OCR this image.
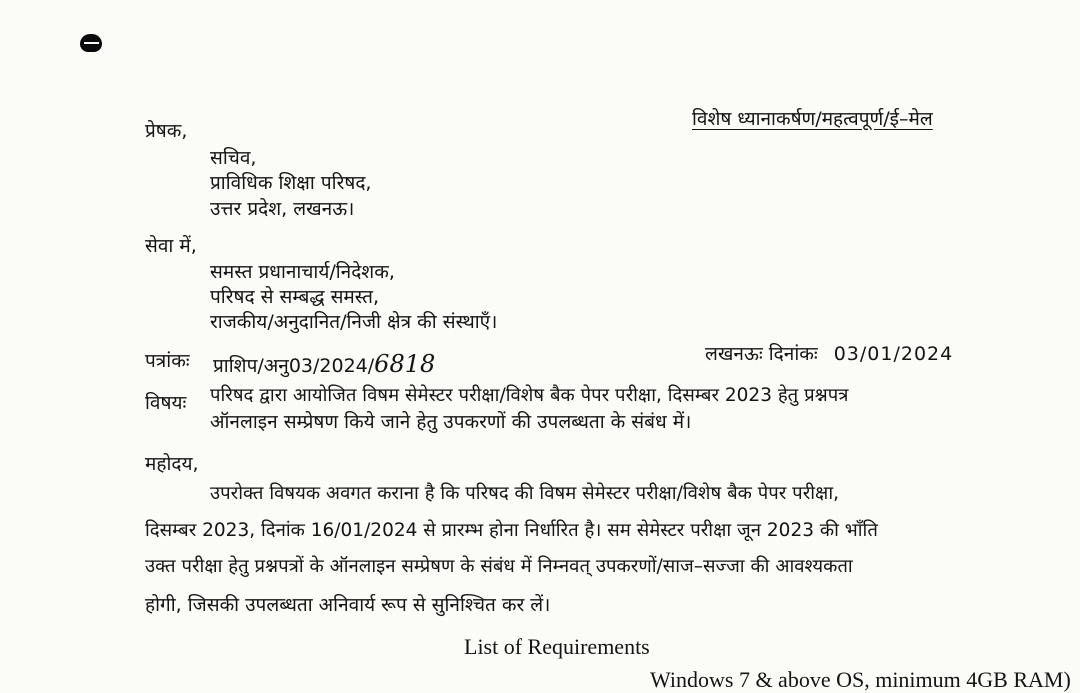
विशेष ध्यानाकर्षण/महत्वपूर्ण/ई–मेल
प्रेषक,
सचिव,
प्राविधिक शिक्षा परिषद,
उत्तर प्रदेश, लखनऊ।
सेवा में,
समस्त प्रधानाचार्य/निदेशक,
परिषद से सम्बद्ध समस्त,
राजकीय/अनुदानित/निजी क्षेत्र की संस्थाएँ।
पत्रांकः प्राशिप/अनु03/2024/6818	लखनऊः दिनांकः 03/01/2024
विषयः परिषद द्वारा आयोजित विषम सेमेस्टर परीक्षा/विशेष बैक पेपर परीक्षा, दिसम्बर 2023 हेतु प्रश्नपत्र
ऑनलाइन सम्प्रेषण किये जाने हेतु उपकरणों की उपलब्धता के संबंध में।
महोदय,
उपरोक्त विषयक अवगत कराना है कि परिषद की विषम सेमेस्टर परीक्षा/विशेष बैक पेपर परीक्षा,
दिसम्बर 2023, दिनांक 16/01/2024 से प्रारम्भ होना निर्धारित है। सम सेमेस्टर परीक्षा जून 2023 की भाँति
उक्त परीक्षा हेतु प्रश्नपत्रों के ऑनलाइन सम्प्रेषण के संबंध में निम्नवत् उपकरणों/साज–सज्जा की आवश्यकता
होगी, जिसकी उपलब्धता अनिवार्य रूप से सुनिश्चित कर लें।
List of Requirements
Windows 7 & above OS, minimum 4GB RAM)
